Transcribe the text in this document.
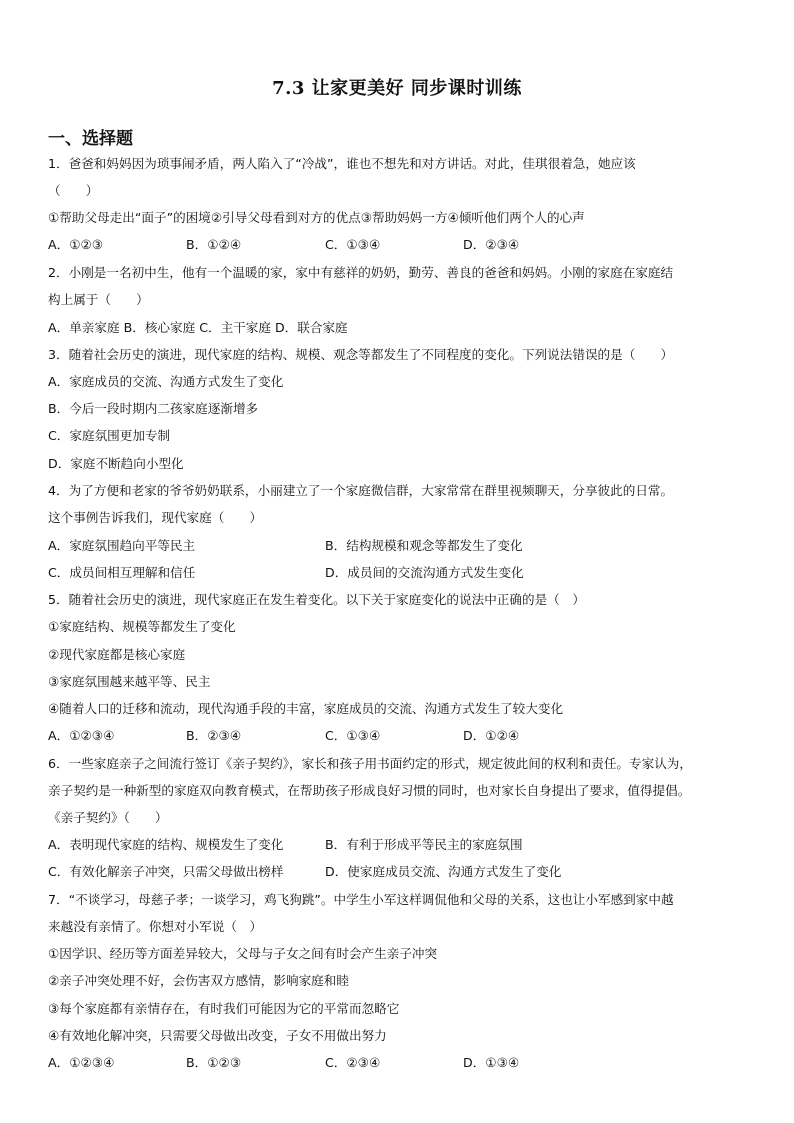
7.3 让家更美好 同步课时训练
一、选择题
1．爸爸和妈妈因为琐事闹矛盾，两人陷入了“冷战”，谁也不想先和对方讲话。对此，佳琪很着急，她应该
（　　）
①帮助父母走出“面子”的困境②引导父母看到对方的优点③帮助妈妈一方④倾听他们两个人的心声
A．①②③	B．①②④	C．①③④	D．②③④
2．小刚是一名初中生，他有一个温暖的家，家中有慈祥的奶奶，勤劳、善良的爸爸和妈妈。小刚的家庭在家庭结
构上属于（　　）
A．单亲家庭 B．核心家庭 C．主干家庭 D．联合家庭
3．随着社会历史的演进，现代家庭的结构、规模、观念等都发生了不同程度的变化。下列说法错误的是（　　）
A．家庭成员的交流、沟通方式发生了变化
B．今后一段时期内二孩家庭逐渐增多
C．家庭氛围更加专制
D．家庭不断趋向小型化
4．为了方便和老家的爷爷奶奶联系，小丽建立了一个家庭微信群，大家常常在群里视频聊天，分享彼此的日常。
这个事例告诉我们，现代家庭（　　）
A．家庭氛围趋向平等民主	B．结构规模和观念等都发生了变化
C．成员间相互理解和信任	D．成员间的交流沟通方式发生变化
5．随着社会历史的演进，现代家庭正在发生着变化。以下关于家庭变化的说法中正确的是（　）
①家庭结构、规模等都发生了变化
②现代家庭都是核心家庭
③家庭氛围越来越平等、民主
④随着人口的迁移和流动，现代沟通手段的丰富，家庭成员的交流、沟通方式发生了较大变化
A．①②③④	B．②③④	C．①③④	D．①②④
6．一些家庭亲子之间流行签订《亲子契约》，家长和孩子用书面约定的形式，规定彼此间的权利和责任。专家认为，
亲子契约是一种新型的家庭双向教育模式，在帮助孩子形成良好习惯的同时，也对家长自身提出了要求，值得提倡。
《亲子契约》（　　）
A．表明现代家庭的结构、规模发生了变化	B．有利于形成平等民主的家庭氛围
C．有效化解亲子冲突，只需父母做出榜样	D．使家庭成员交流、沟通方式发生了变化
7．“不谈学习，母慈子孝；一谈学习，鸡飞狗跳”。中学生小军这样调侃他和父母的关系，这也让小军感到家中越
来越没有亲情了。你想对小军说（　）
①因学识、经历等方面差异较大，父母与子女之间有时会产生亲子冲突
②亲子冲突处理不好，会伤害双方感情，影响家庭和睦
③每个家庭都有亲情存在，有时我们可能因为它的平常而忽略它
④有效地化解冲突，只需要父母做出改变，子女不用做出努力
A．①②③④	B．①②③	C．②③④	D．①③④
